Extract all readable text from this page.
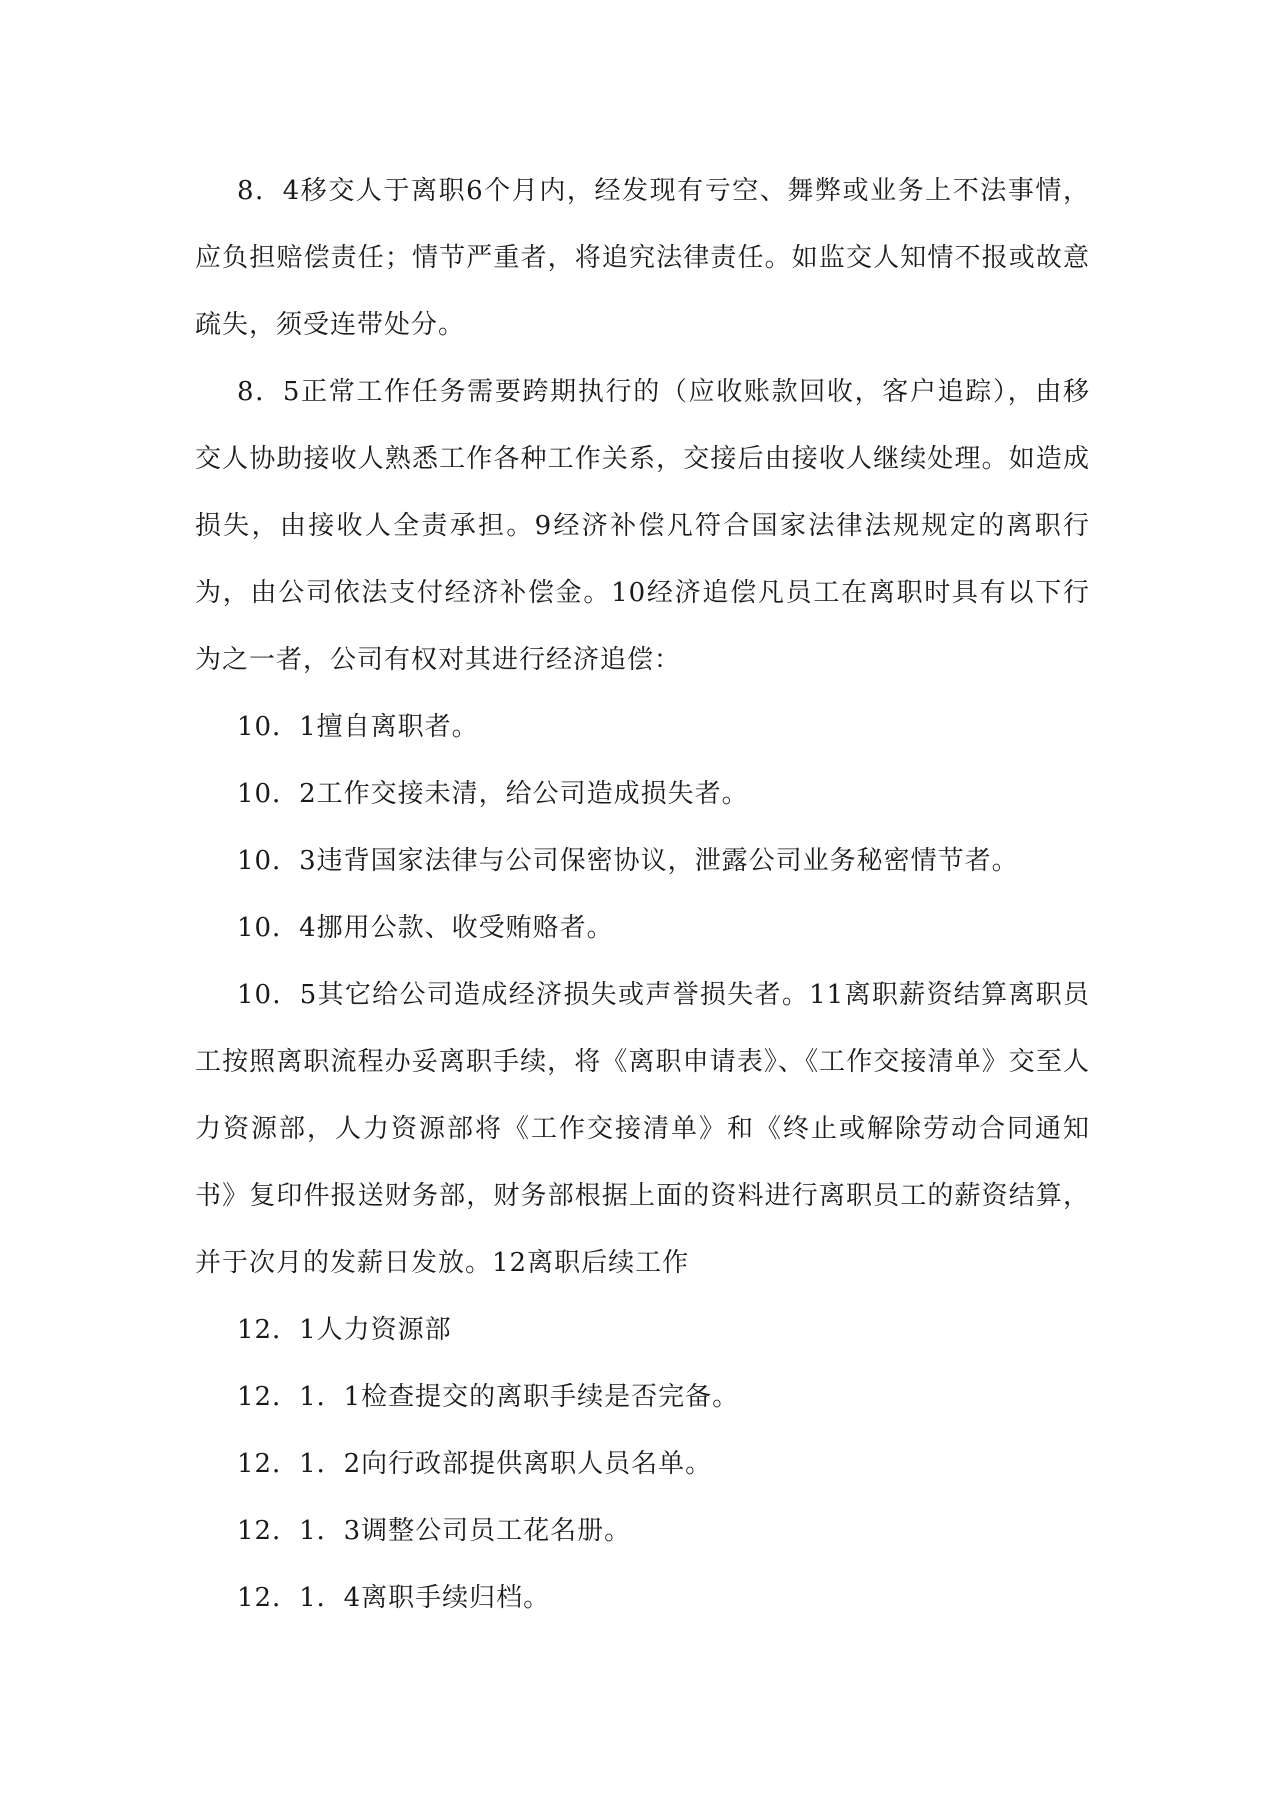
8．4移交人于离职6个月内，经发现有亏空、舞弊或业务上不法事情，应负担赔偿责任；情节严重者，将追究法律责任。如监交人知情不报或故意疏失，须受连带处分。

8．5正常工作任务需要跨期执行的（应收账款回收，客户追踪），由移交人协助接收人熟悉工作各种工作关系，交接后由接收人继续处理。如造成损失，由接收人全责承担。9经济补偿凡符合国家法律法规规定的离职行为，由公司依法支付经济补偿金。10经济追偿凡员工在离职时具有以下行为之一者，公司有权对其进行经济追偿：

10．1擅自离职者。

10．2工作交接未清，给公司造成损失者。

10．3违背国家法律与公司保密协议，泄露公司业务秘密情节者。

10．4挪用公款、收受贿赂者。

10．5其它给公司造成经济损失或声誉损失者。11离职薪资结算离职员工按照离职流程办妥离职手续，将《离职申请表》、《工作交接清单》交至人力资源部，人力资源部将《工作交接清单》和《终止或解除劳动合同通知书》复印件报送财务部，财务部根据上面的资料进行离职员工的薪资结算，并于次月的发薪日发放。12离职后续工作

12．1人力资源部

12．1．1检查提交的离职手续是否完备。

12．1．2向行政部提供离职人员名单。

12．1．3调整公司员工花名册。

12．1．4离职手续归档。
